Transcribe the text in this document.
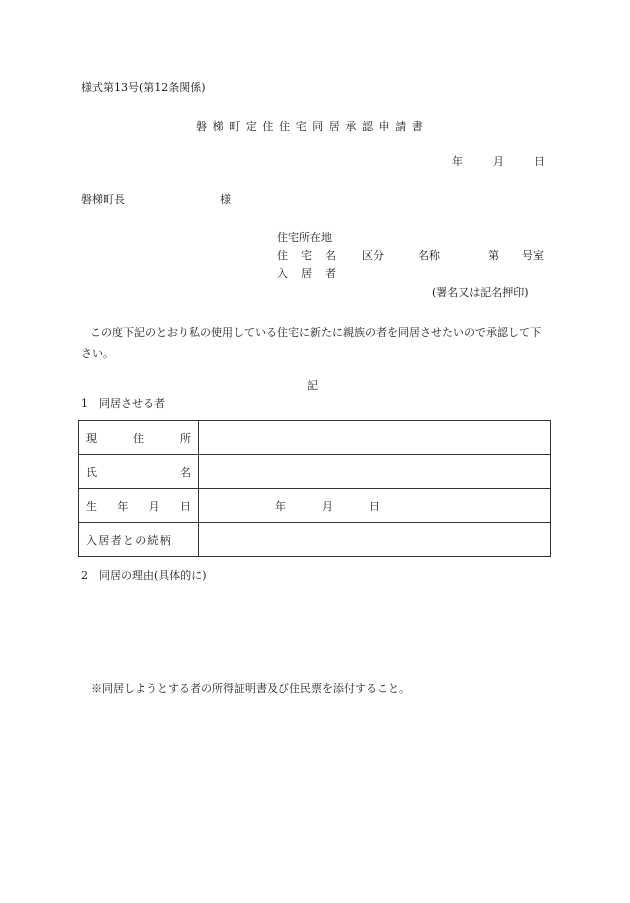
様式第13号(第12条関係)
磐梯町定住住宅同居承認申請書
年	月	日
磐梯町長	様
住宅所在地
住 宅 名 区分	名称	第 号室
入 居 者
(署名又は記名押印)
この度下記のとおり私の使用している住宅に新たに親族の者を同居させたいので承認して下さい。
記
1　同居させる者
現 住 所	

氏 名	

生 年 月 日	年 月 日

入居者との続柄	
2　同居の理由(具体的に)
※同居しようとする者の所得証明書及び住民票を添付すること。
